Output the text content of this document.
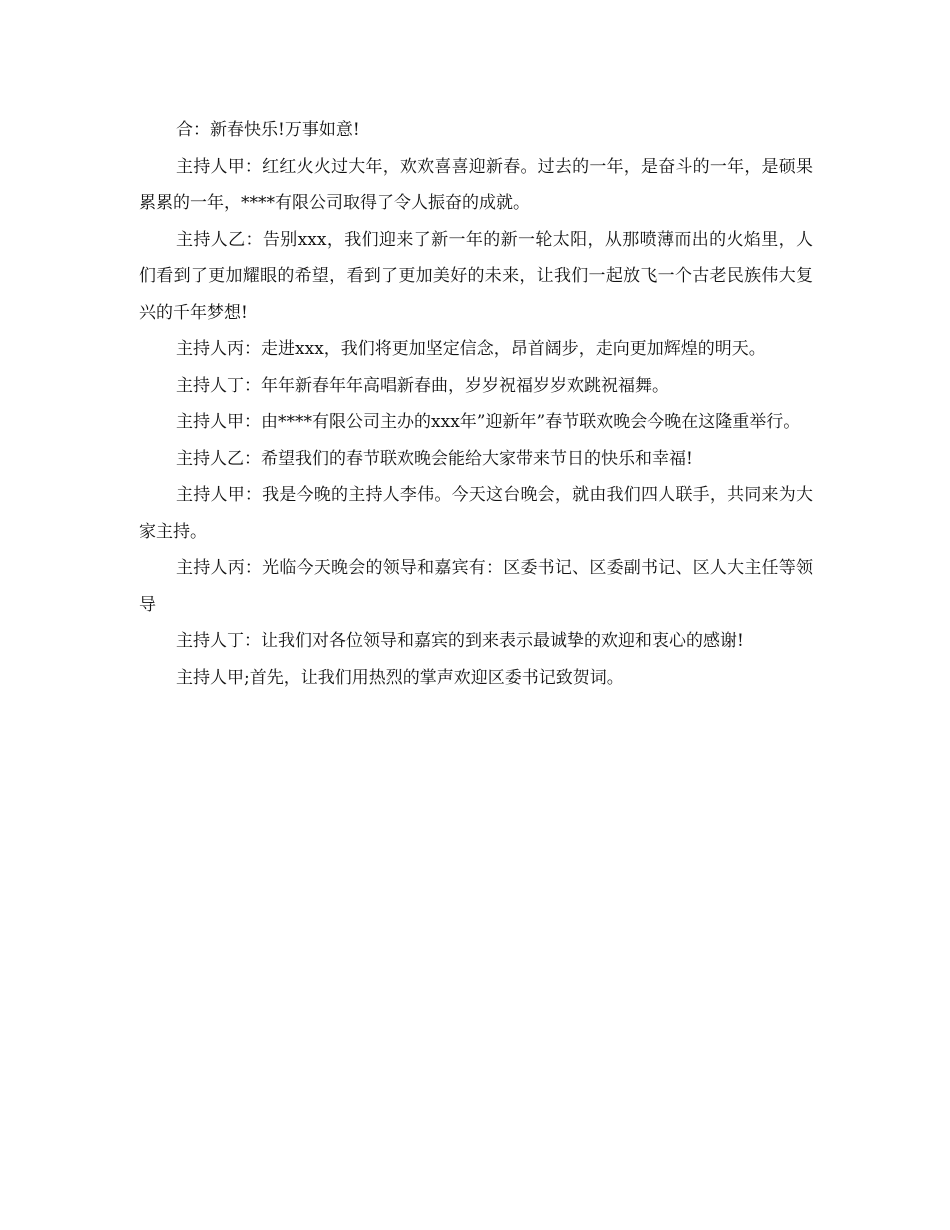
合：新春快乐!万事如意!

主持人甲：红红火火过大年，欢欢喜喜迎新春。过去的一年，是奋斗的一年，是硕果累累的一年，****有限公司取得了令人振奋的成就。

主持人乙：告别xxx，我们迎来了新一年的新一轮太阳，从那喷薄而出的火焰里，人们看到了更加耀眼的希望，看到了更加美好的未来，让我们一起放飞一个古老民族伟大复兴的千年梦想!

主持人丙：走进xxx，我们将更加坚定信念，昂首阔步，走向更加辉煌的明天。

主持人丁：年年新春年年高唱新春曲，岁岁祝福岁岁欢跳祝福舞。

主持人甲：由****有限公司主办的xxx年”迎新年”春节联欢晚会今晚在这隆重举行。

主持人乙：希望我们的春节联欢晚会能给大家带来节日的快乐和幸福!

主持人甲：我是今晚的主持人李伟。今天这台晚会，就由我们四人联手，共同来为大家主持。

主持人丙：光临今天晚会的领导和嘉宾有：区委书记、区委副书记、区人大主任等领导

主持人丁：让我们对各位领导和嘉宾的到来表示最诚挚的欢迎和衷心的感谢!

主持人甲;首先，让我们用热烈的掌声欢迎区委书记致贺词。
